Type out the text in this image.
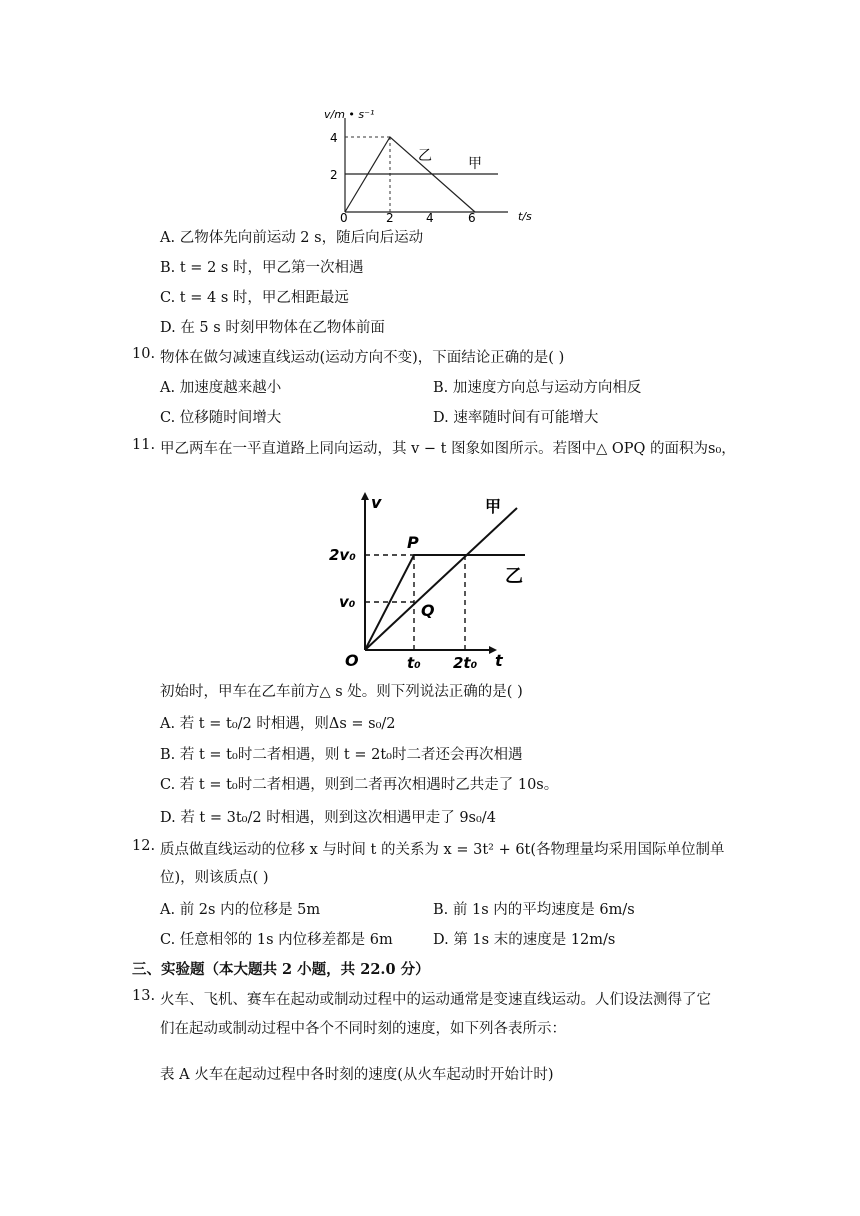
v/m • s⁻¹
t/s
4
2
0	2	4	6
乙	甲
A. 乙物体先向前运动 2 s，随后向后运动
B. t = 2 s 时，甲乙第一次相遇
C. t = 4 s 时，甲乙相距最远
D. 在 5 s 时刻甲物体在乙物体前面
10. 物体在做匀减速直线运动(运动方向不变)，下面结论正确的是( )
A. 加速度越来越小	B. 加速度方向总与运动方向相反
C. 位移随时间增大	D. 速率随时间有可能增大
11. 甲乙两车在一平直道路上同向运动，其 v − t 图象如图所示。若图中△ OPQ 的面积为s₀，
v
t
O
P
Q
2v₀
v₀
t₀ 2t₀
甲
乙
初始时，甲车在乙车前方△ s 处。则下列说法正确的是( )
A. 若 t = t₀/2 时相遇，则Δs = s₀/2
B. 若 t = t₀时二者相遇，则 t = 2t₀时二者还会再次相遇
C. 若 t = t₀时二者相遇，则到二者再次相遇时乙共走了 10s。
D. 若 t = 3t₀/2 时相遇，则到这次相遇甲走了 9s₀/4
12. 质点做直线运动的位移 x 与时间 t 的关系为 x = 3t² + 6t(各物理量均采用国际单位制单
位)，则该质点( )
A. 前 2s 内的位移是 5m	B. 前 1s 内的平均速度是 6m/s
C. 任意相邻的 1s 内位移差都是 6m	D. 第 1s 末的速度是 12m/s
三、实验题（本大题共 2 小题，共 22.0 分）
13. 火车、飞机、赛车在起动或制动过程中的运动通常是变速直线运动。人们设法测得了它
们在起动或制动过程中各个不同时刻的速度，如下列各表所示：
表 A 火车在起动过程中各时刻的速度(从火车起动时开始计时)
